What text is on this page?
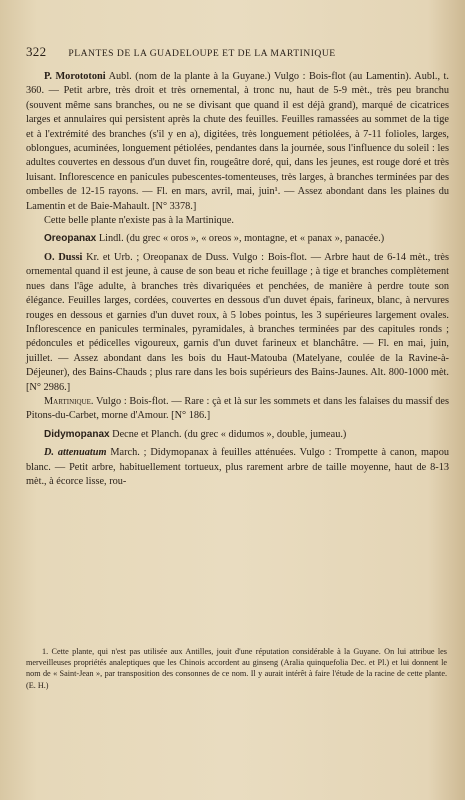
322 PLANTES DE LA GUADELOUPE ET DE LA MARTINIQUE

P. Morototoni Aubl. (nom de la plante à la Guyane.) Vulgo : Bois-flot (au Lamentin). Aubl., t. 360. — Petit arbre, très droit et très ornemental, à tronc nu, haut de 5-9 mèt., très peu branchu (souvent même sans branches, ou ne se divisant que quand il est déjà grand), marqué de cicatrices larges et annulaires qui persistent après la chute des feuilles. Feuilles ramassées au sommet de la tige et à l'extrémité des branches (s'il y en a), digitées, très longuement pétiolées, à 7-11 folioles, larges, oblongues, acuminées, longuement pétiolées, pendantes dans la journée, sous l'influence du soleil : les adultes couvertes en dessous d'un duvet fin, rougeâtre doré, qui, dans les jeunes, est rouge doré et très luisant. Inflorescence en panicules pubescentes-tomenteuses, très larges, à branches terminées par des ombelles de 12-15 rayons. — Fl. en mars, avril, mai, juin¹. — Assez abondant dans les plaines du Lamentin et de Baie-Mahault. [N° 3378.]

Cette belle plante n'existe pas à la Martinique.

Oreopanax Lindl. (du grec « oros », « oreos », montagne, et « panax », panacée.)

O. Dussi Kr. et Urb. ; Oreopanax de Duss. Vulgo : Bois-flot. — Arbre haut de 6-14 mèt., très ornemental quand il est jeune, à cause de son beau et riche feuillage ; à tige et branches complètement nues dans l'âge adulte, à branches très divariquées et penchées, de manière à perdre toute son élégance. Feuilles larges, cordées, couvertes en dessous d'un duvet épais, farineux, blanc, à nervures rouges en dessous et garnies d'un duvet roux, à 5 lobes pointus, les 3 supérieures largement ovales. Inflorescence en panicules terminales, pyramidales, à branches terminées par des capitules ronds ; pédoncules et pédicelles vigoureux, garnis d'un duvet farineux et blanchâtre. — Fl. en mai, juin, juillet. — Assez abondant dans les bois du Haut-Matouba (Matelyane, coulée de la Ravine-à-Déjeuner), des Bains-Chauds ; plus rare dans les bois supérieurs des Bains-Jaunes. Alt. 800-1000 mèt. [N° 2986.]

Martinique. Vulgo : Bois-flot. — Rare : çà et là sur les sommets et dans les falaises du massif des Pitons-du-Carbet, morne d'Amour. [N° 186.]

Didymopanax Decne et Planch. (du grec « didumos », double, jumeau.)

D. attenuatum March. ; Didymopanax à feuilles atténuées. Vulgo : Trompette à canon, mapou blanc. — Petit arbre, habituellement tortueux, plus rarement arbre de taille moyenne, haut de 8-13 mèt., à écorce lisse, rou-

1. Cette plante, qui n'est pas utilisée aux Antilles, jouit d'une réputation considérable à la Guyane. On lui attribue les merveilleuses propriétés analeptiques que les Chinois accordent au ginseng (Aralia quinquefolia Dec. et Pl.) et lui donnent le nom de « Saint-Jean », par transposition des consonnes de ce nom. Il y aurait intérêt à faire l'étude de la racine de cette plante. (E. H.)
